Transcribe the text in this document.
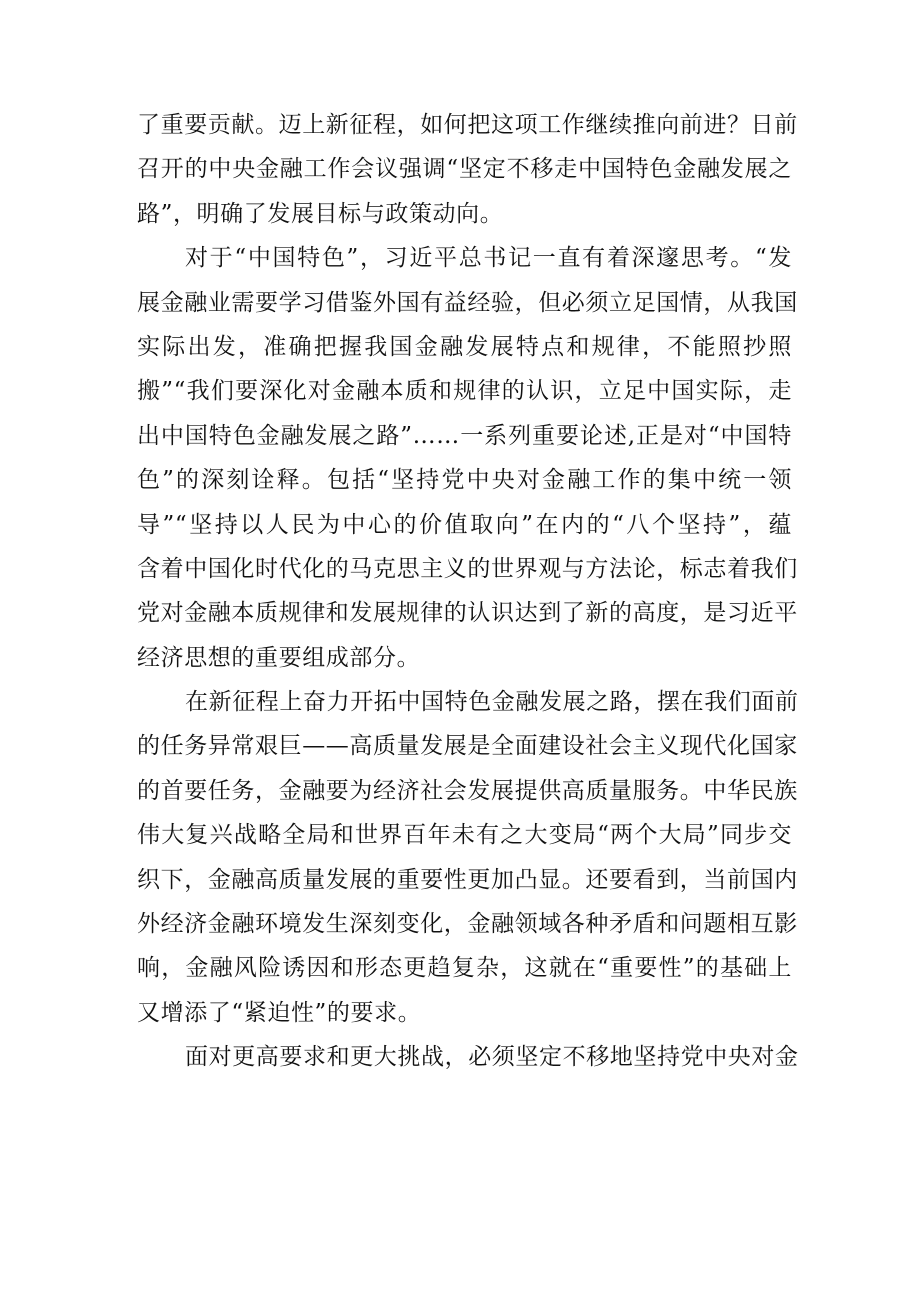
了重要贡献。迈上新征程，如何把这项工作继续推向前进？日前
召开的中央金融工作会议强调“坚定不移走中国特色金融发展之
路”，明确了发展目标与政策动向。
对于“中国特色”，习近平总书记一直有着深邃思考。“发
展金融业需要学习借鉴外国有益经验，但必须立足国情，从我国
实际出发，准确把握我国金融发展特点和规律，不能照抄照
搬”“我们要深化对金融本质和规律的认识，立足中国实际，走
出中国特色金融发展之路”……一系列重要论述,正是对“中国特
色”的深刻诠释。包括“坚持党中央对金融工作的集中统一领
导”“坚持以人民为中心的价值取向”在内的“八个坚持”，蕴
含着中国化时代化的马克思主义的世界观与方法论，标志着我们
党对金融本质规律和发展规律的认识达到了新的高度，是习近平
经济思想的重要组成部分。
在新征程上奋力开拓中国特色金融发展之路，摆在我们面前
的任务异常艰巨——高质量发展是全面建设社会主义现代化国家
的首要任务，金融要为经济社会发展提供高质量服务。中华民族
伟大复兴战略全局和世界百年未有之大变局“两个大局”同步交
织下，金融高质量发展的重要性更加凸显。还要看到，当前国内
外经济金融环境发生深刻变化，金融领域各种矛盾和问题相互影
响，金融风险诱因和形态更趋复杂，这就在“重要性”的基础上
又增添了“紧迫性”的要求。
面对更高要求和更大挑战，必须坚定不移地坚持党中央对金
